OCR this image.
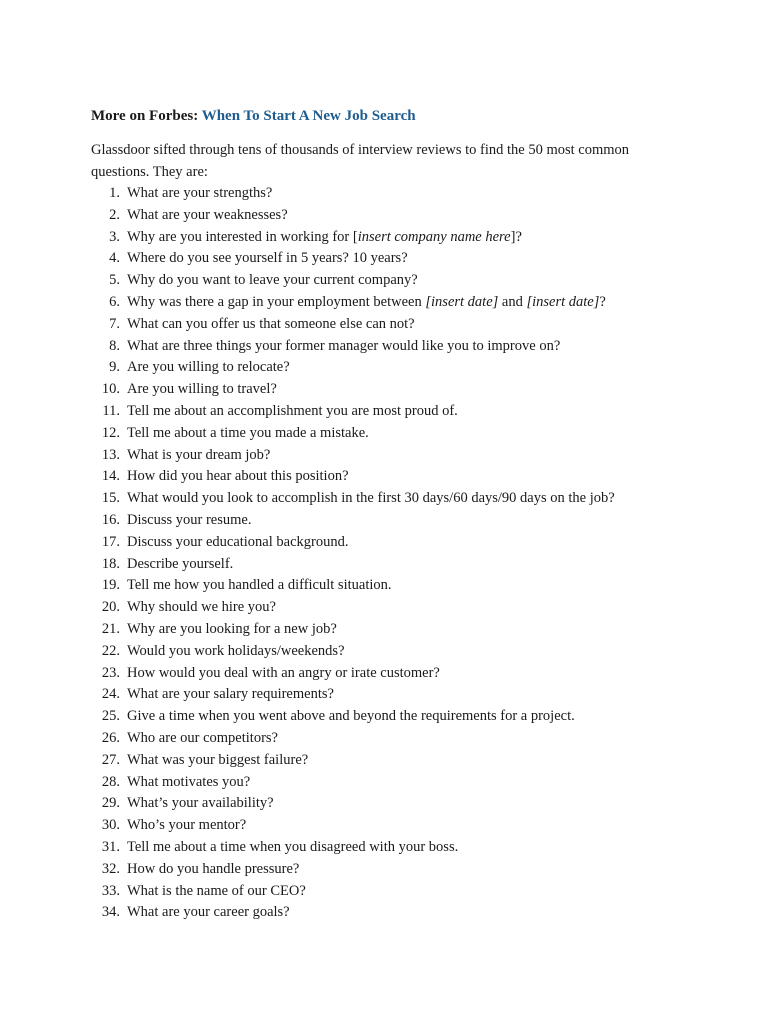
More on Forbes: When To Start A New Job Search
Glassdoor sifted through tens of thousands of interview reviews to find the 50 most common questions. They are:
1. What are your strengths?
2. What are your weaknesses?
3. Why are you interested in working for [insert company name here]?
4. Where do you see yourself in 5 years? 10 years?
5. Why do you want to leave your current company?
6. Why was there a gap in your employment between [insert date] and [insert date]?
7. What can you offer us that someone else can not?
8. What are three things your former manager would like you to improve on?
9. Are you willing to relocate?
10. Are you willing to travel?
11. Tell me about an accomplishment you are most proud of.
12. Tell me about a time you made a mistake.
13. What is your dream job?
14. How did you hear about this position?
15. What would you look to accomplish in the first 30 days/60 days/90 days on the job?
16. Discuss your resume.
17. Discuss your educational background.
18. Describe yourself.
19. Tell me how you handled a difficult situation.
20. Why should we hire you?
21. Why are you looking for a new job?
22. Would you work holidays/weekends?
23. How would you deal with an angry or irate customer?
24. What are your salary requirements?
25. Give a time when you went above and beyond the requirements for a project.
26. Who are our competitors?
27. What was your biggest failure?
28. What motivates you?
29. What’s your availability?
30. Who’s your mentor?
31. Tell me about a time when you disagreed with your boss.
32. How do you handle pressure?
33. What is the name of our CEO?
34. What are your career goals?
